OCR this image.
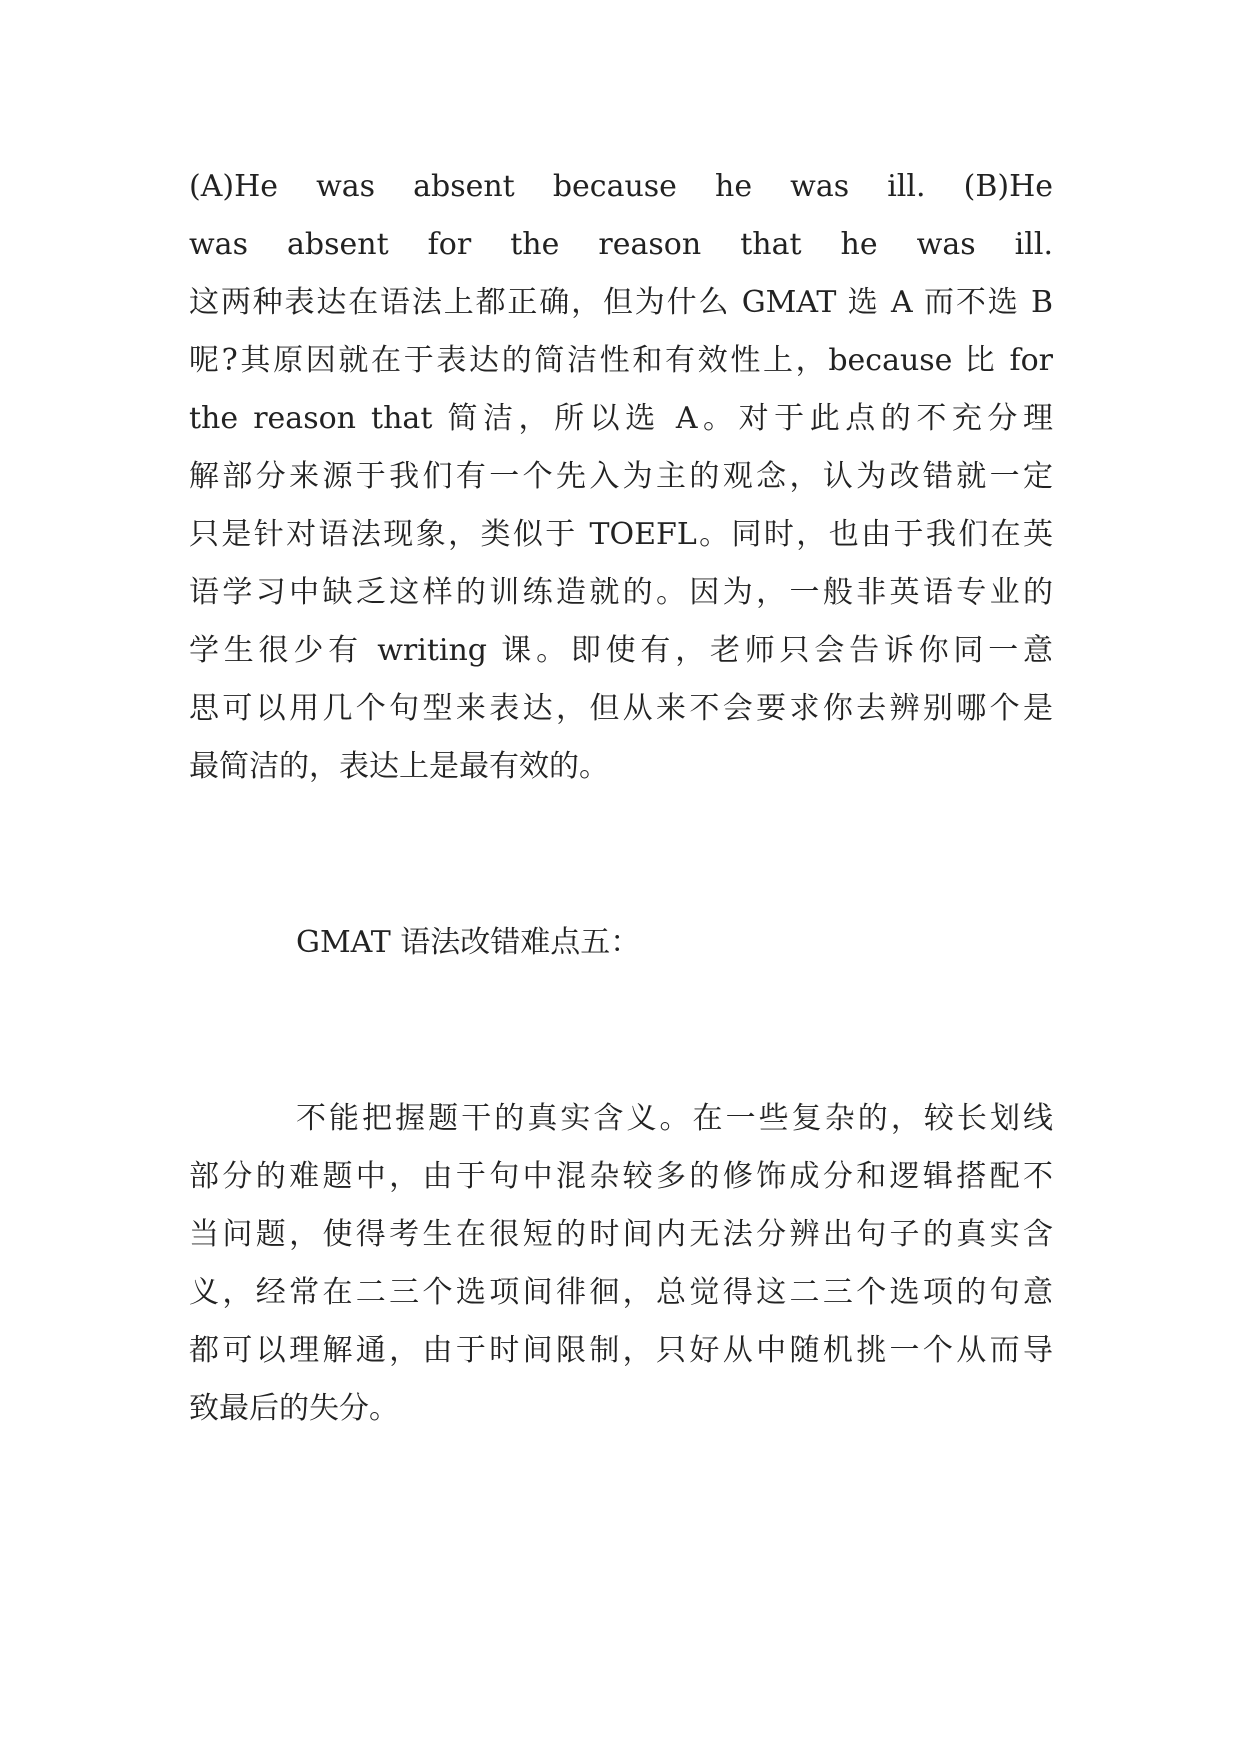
(A)He was absent because he was ill. (B)He
was absent for the reason that he was ill.
这两种表达在语法上都正确，但为什么 GMAT 选 A 而不选 B
呢?其原因就在于表达的简洁性和有效性上，because 比 for
the reason that 简洁，所以选 A。对于此点的不充分理
解部分来源于我们有一个先入为主的观念，认为改错就一定
只是针对语法现象，类似于 TOEFL。同时，也由于我们在英
语学习中缺乏这样的训练造就的。因为，一般非英语专业的
学生很少有 writing 课。即使有，老师只会告诉你同一意
思可以用几个句型来表达，但从来不会要求你去辨别哪个是
最简洁的，表达上是最有效的。
GMAT 语法改错难点五：
不能把握题干的真实含义。在一些复杂的，较长划线
部分的难题中，由于句中混杂较多的修饰成分和逻辑搭配不
当问题，使得考生在很短的时间内无法分辨出句子的真实含
义，经常在二三个选项间徘徊，总觉得这二三个选项的句意
都可以理解通，由于时间限制，只好从中随机挑一个从而导
致最后的失分。
